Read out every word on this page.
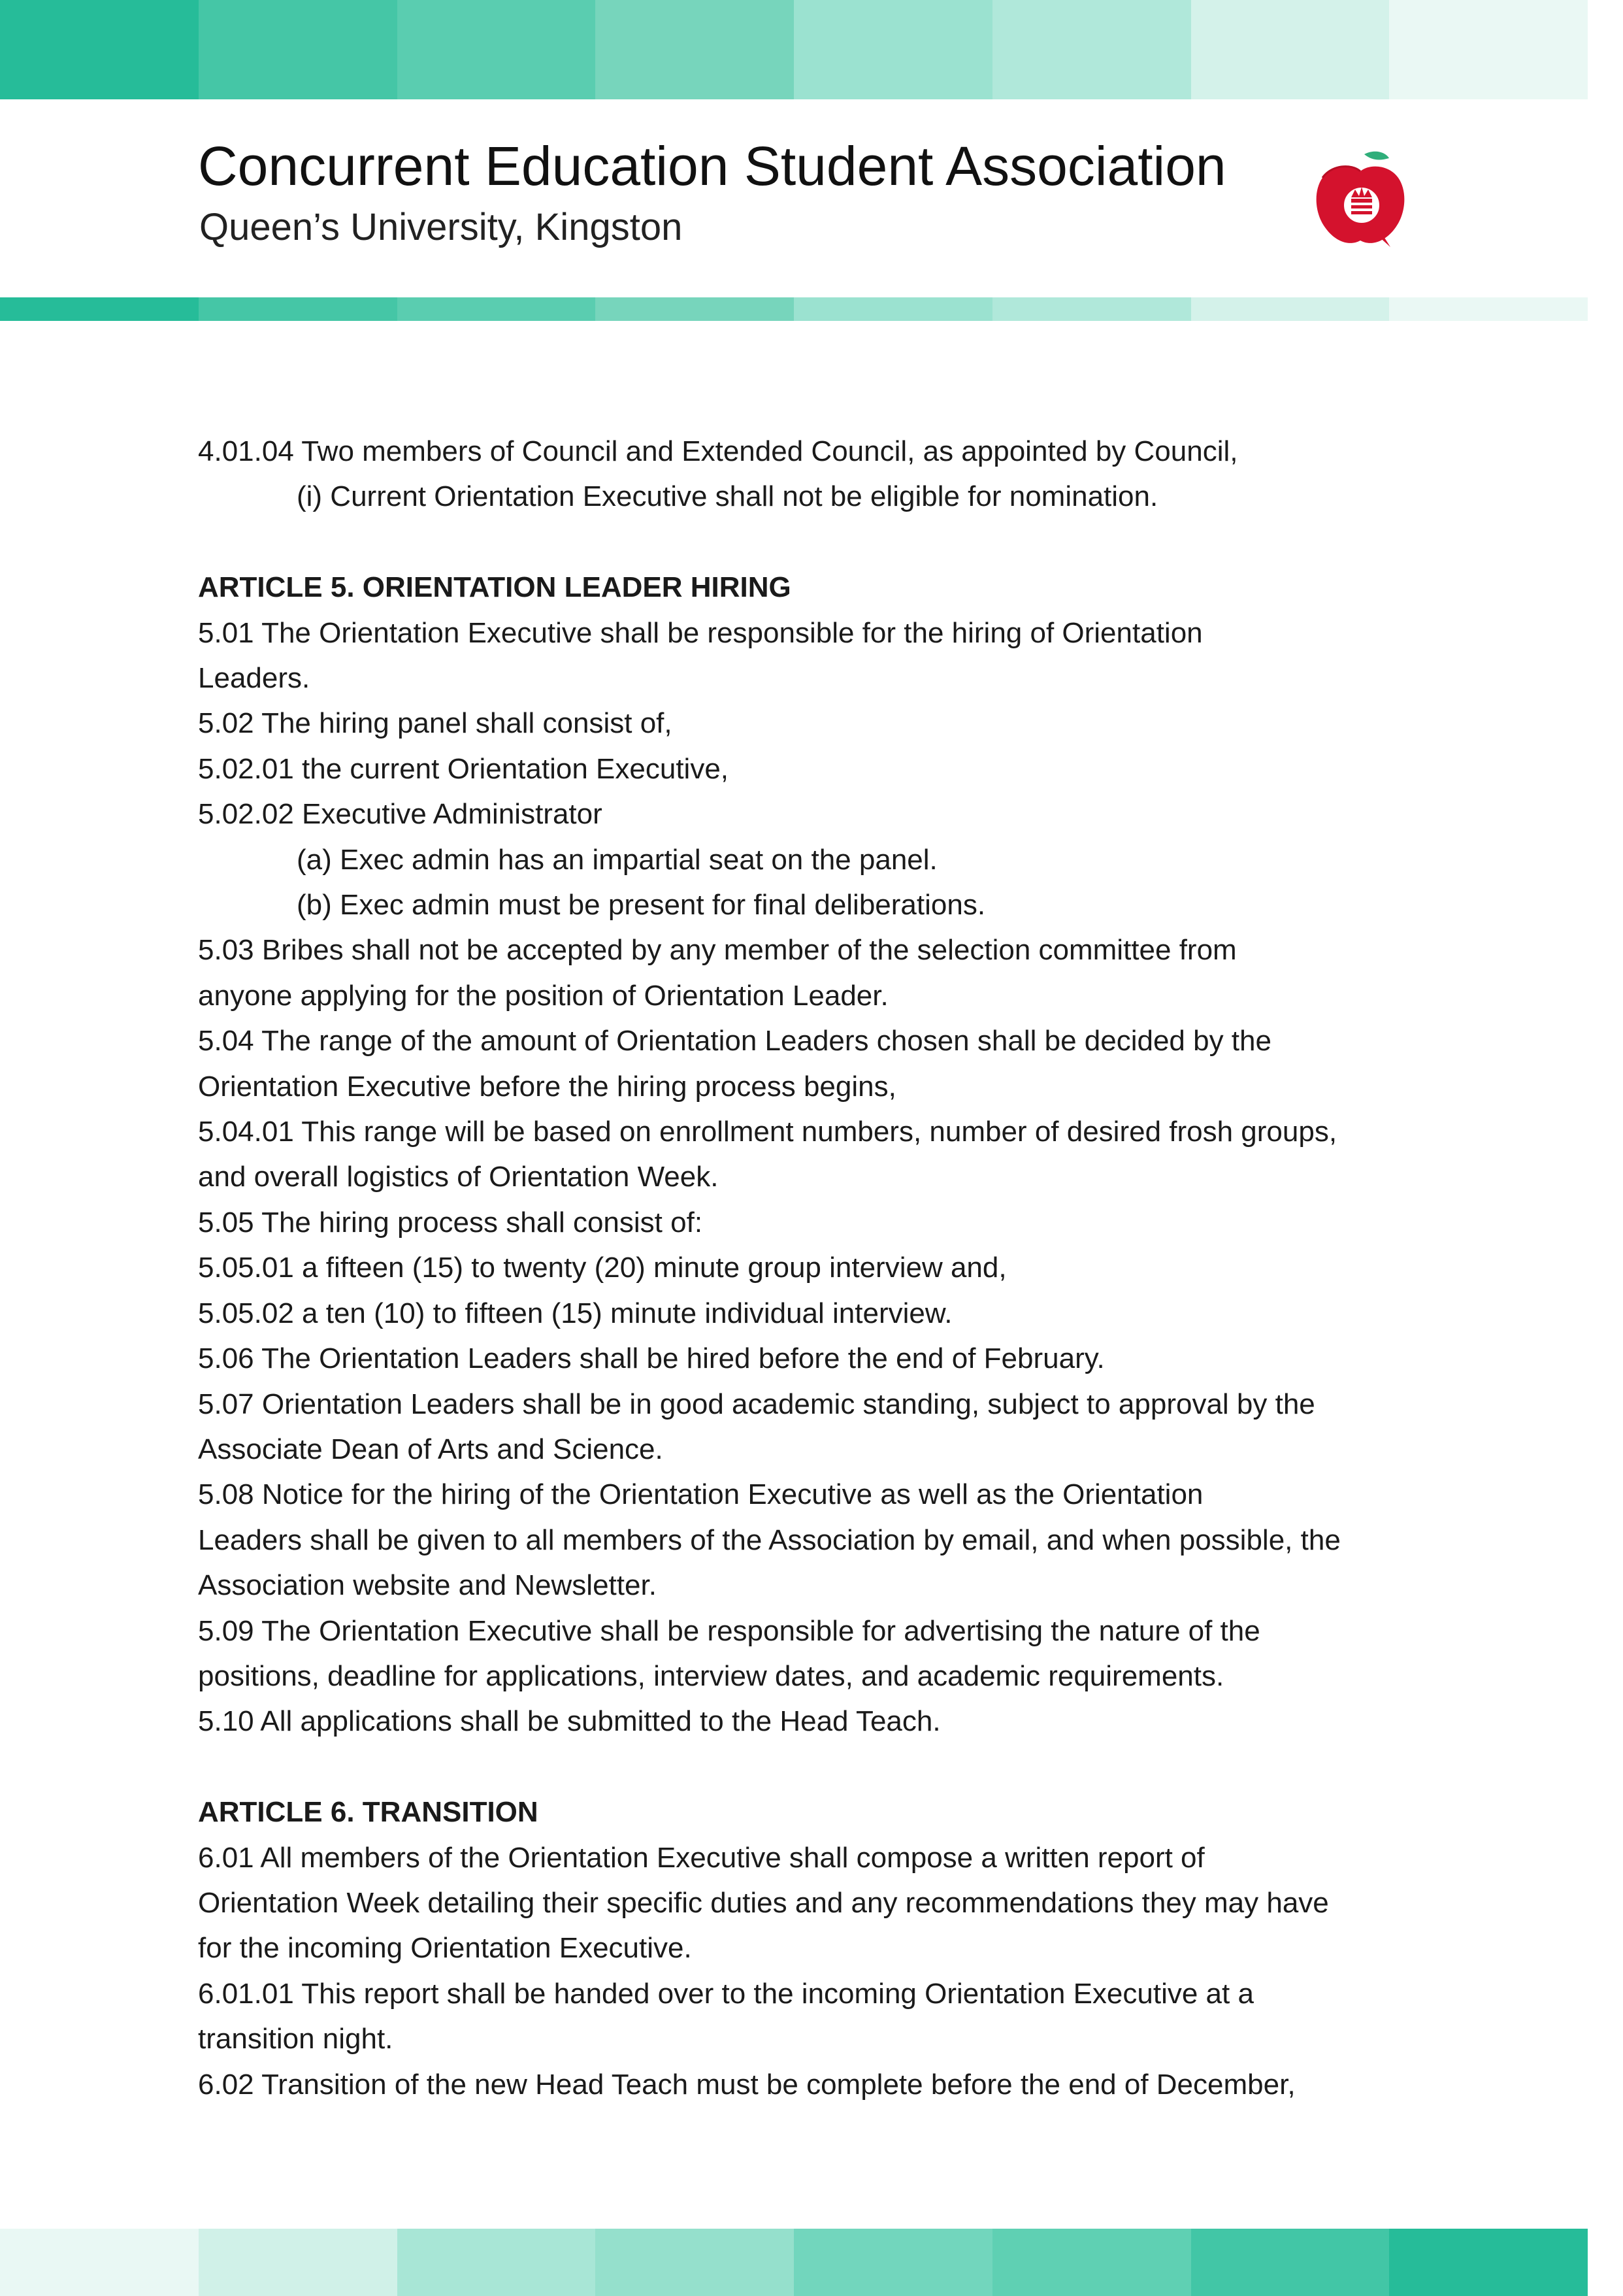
Concurrent Education Student Association
Queen’s University, Kingston
4.01.04 Two members of Council and Extended Council, as appointed by Council,
(i) Current Orientation Executive shall not be eligible for nomination.
ARTICLE 5. ORIENTATION LEADER HIRING
5.01 The Orientation Executive shall be responsible for the hiring of Orientation
Leaders.
5.02 The hiring panel shall consist of,
5.02.01 the current Orientation Executive,
5.02.02 Executive Administrator
(a) Exec admin has an impartial seat on the panel.
(b) Exec admin must be present for final deliberations.
5.03 Bribes shall not be accepted by any member of the selection committee from
anyone applying for the position of Orientation Leader.
5.04 The range of the amount of Orientation Leaders chosen shall be decided by the
Orientation Executive before the hiring process begins,
5.04.01 This range will be based on enrollment numbers, number of desired frosh groups,
and overall logistics of Orientation Week.
5.05 The hiring process shall consist of:
5.05.01 a fifteen (15) to twenty (20) minute group interview and,
5.05.02 a ten (10) to fifteen (15) minute individual interview.
5.06 The Orientation Leaders shall be hired before the end of February.
5.07 Orientation Leaders shall be in good academic standing, subject to approval by the
Associate Dean of Arts and Science.
5.08 Notice for the hiring of the Orientation Executive as well as the Orientation
Leaders shall be given to all members of the Association by email, and when possible, the
Association website and Newsletter.
5.09 The Orientation Executive shall be responsible for advertising the nature of the
positions, deadline for applications, interview dates, and academic requirements.
5.10 All applications shall be submitted to the Head Teach.
ARTICLE 6. TRANSITION
6.01 All members of the Orientation Executive shall compose a written report of
Orientation Week detailing their specific duties and any recommendations they may have
for the incoming Orientation Executive.
6.01.01 This report shall be handed over to the incoming Orientation Executive at a
transition night.
6.02 Transition of the new Head Teach must be complete before the end of December,
